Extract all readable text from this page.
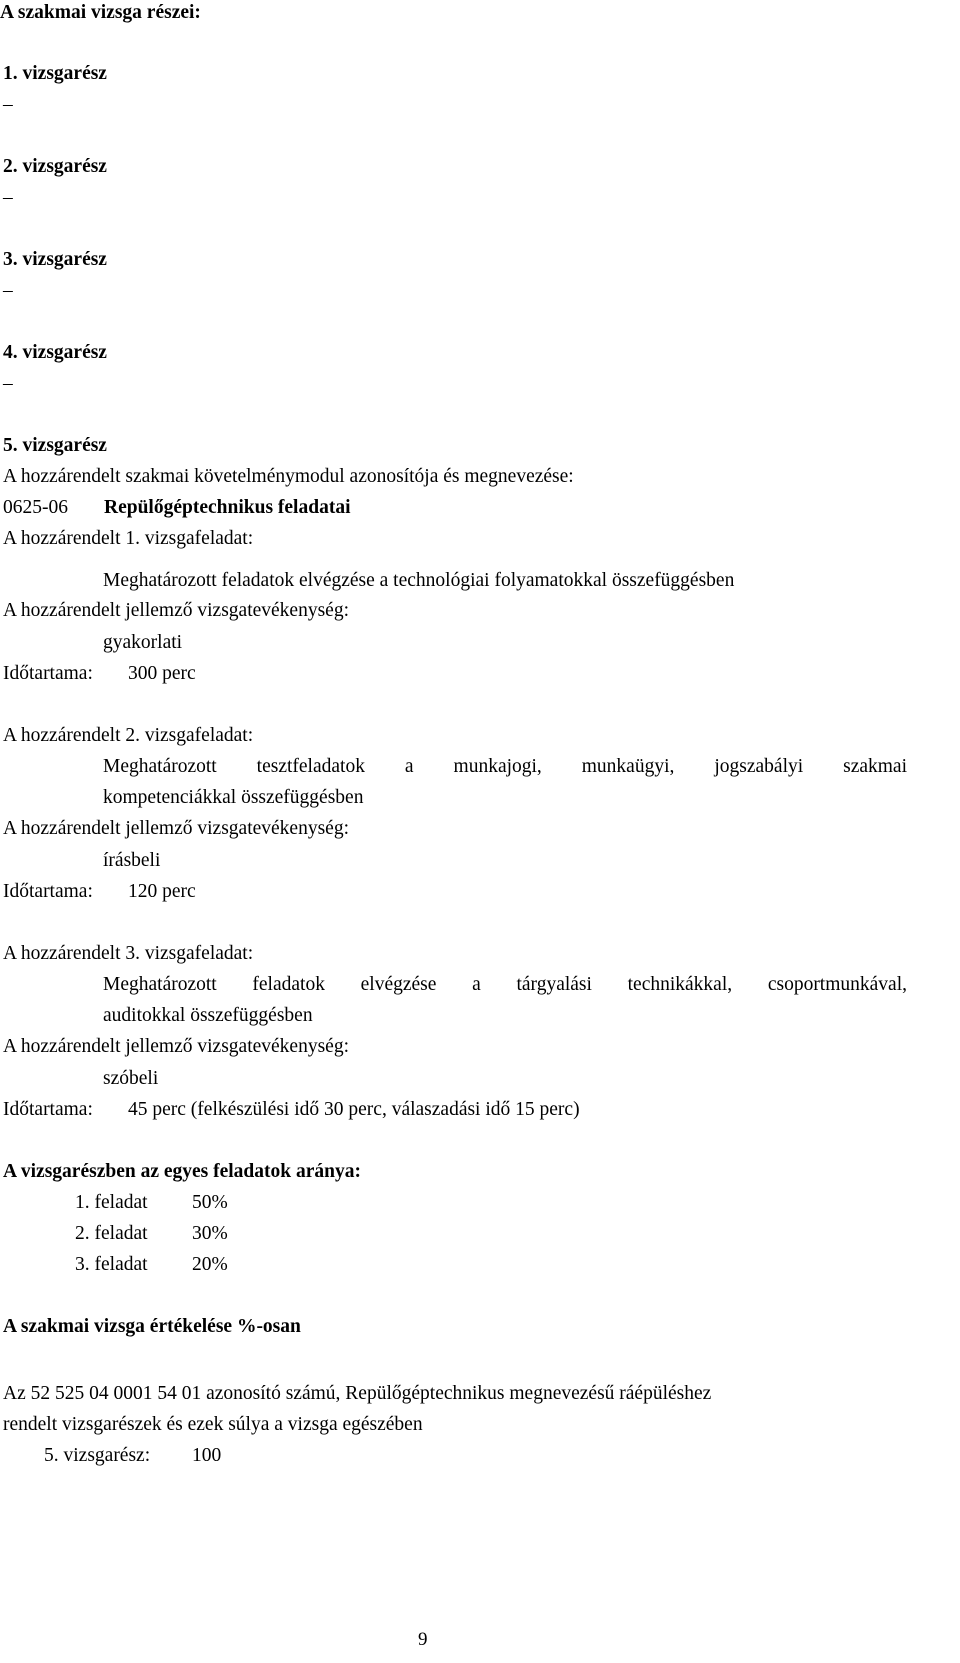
A szakmai vizsga részei:
1. vizsgarész
–
2. vizsgarész
–
3. vizsgarész
–
4. vizsgarész
–
5. vizsgarész
A hozzárendelt szakmai követelménymodul azonosítója és megnevezése:
0625-06 Repülőgéptechnikus feladatai
A hozzárendelt 1. vizsgafeladat:
Meghatározott feladatok elvégzése a technológiai folyamatokkal összefüggésben
A hozzárendelt jellemző vizsgatevékenység:
gyakorlati
Időtartama: 300 perc
A hozzárendelt 2. vizsgafeladat:
Meghatározott tesztfeladatok a munkajogi, munkaügyi, jogszabályi szakmai
kompetenciákkal összefüggésben
A hozzárendelt jellemző vizsgatevékenység:
írásbeli
Időtartama: 120 perc
A hozzárendelt 3. vizsgafeladat:
Meghatározott feladatok elvégzése a tárgyalási technikákkal, csoportmunkával,
auditokkal összefüggésben
A hozzárendelt jellemző vizsgatevékenység:
szóbeli
Időtartama: 45 perc (felkészülési idő 30 perc, válaszadási idő 15 perc)
A vizsgarészben az egyes feladatok aránya:
1. feladat 50%
2. feladat 30%
3. feladat 20%
A szakmai vizsga értékelése %-osan
Az 52 525 04 0001 54 01 azonosító számú, Repülőgéptechnikus megnevezésű ráépüléshez
rendelt vizsgarészek és ezek súlya a vizsga egészében
5. vizsgarész: 100
9
